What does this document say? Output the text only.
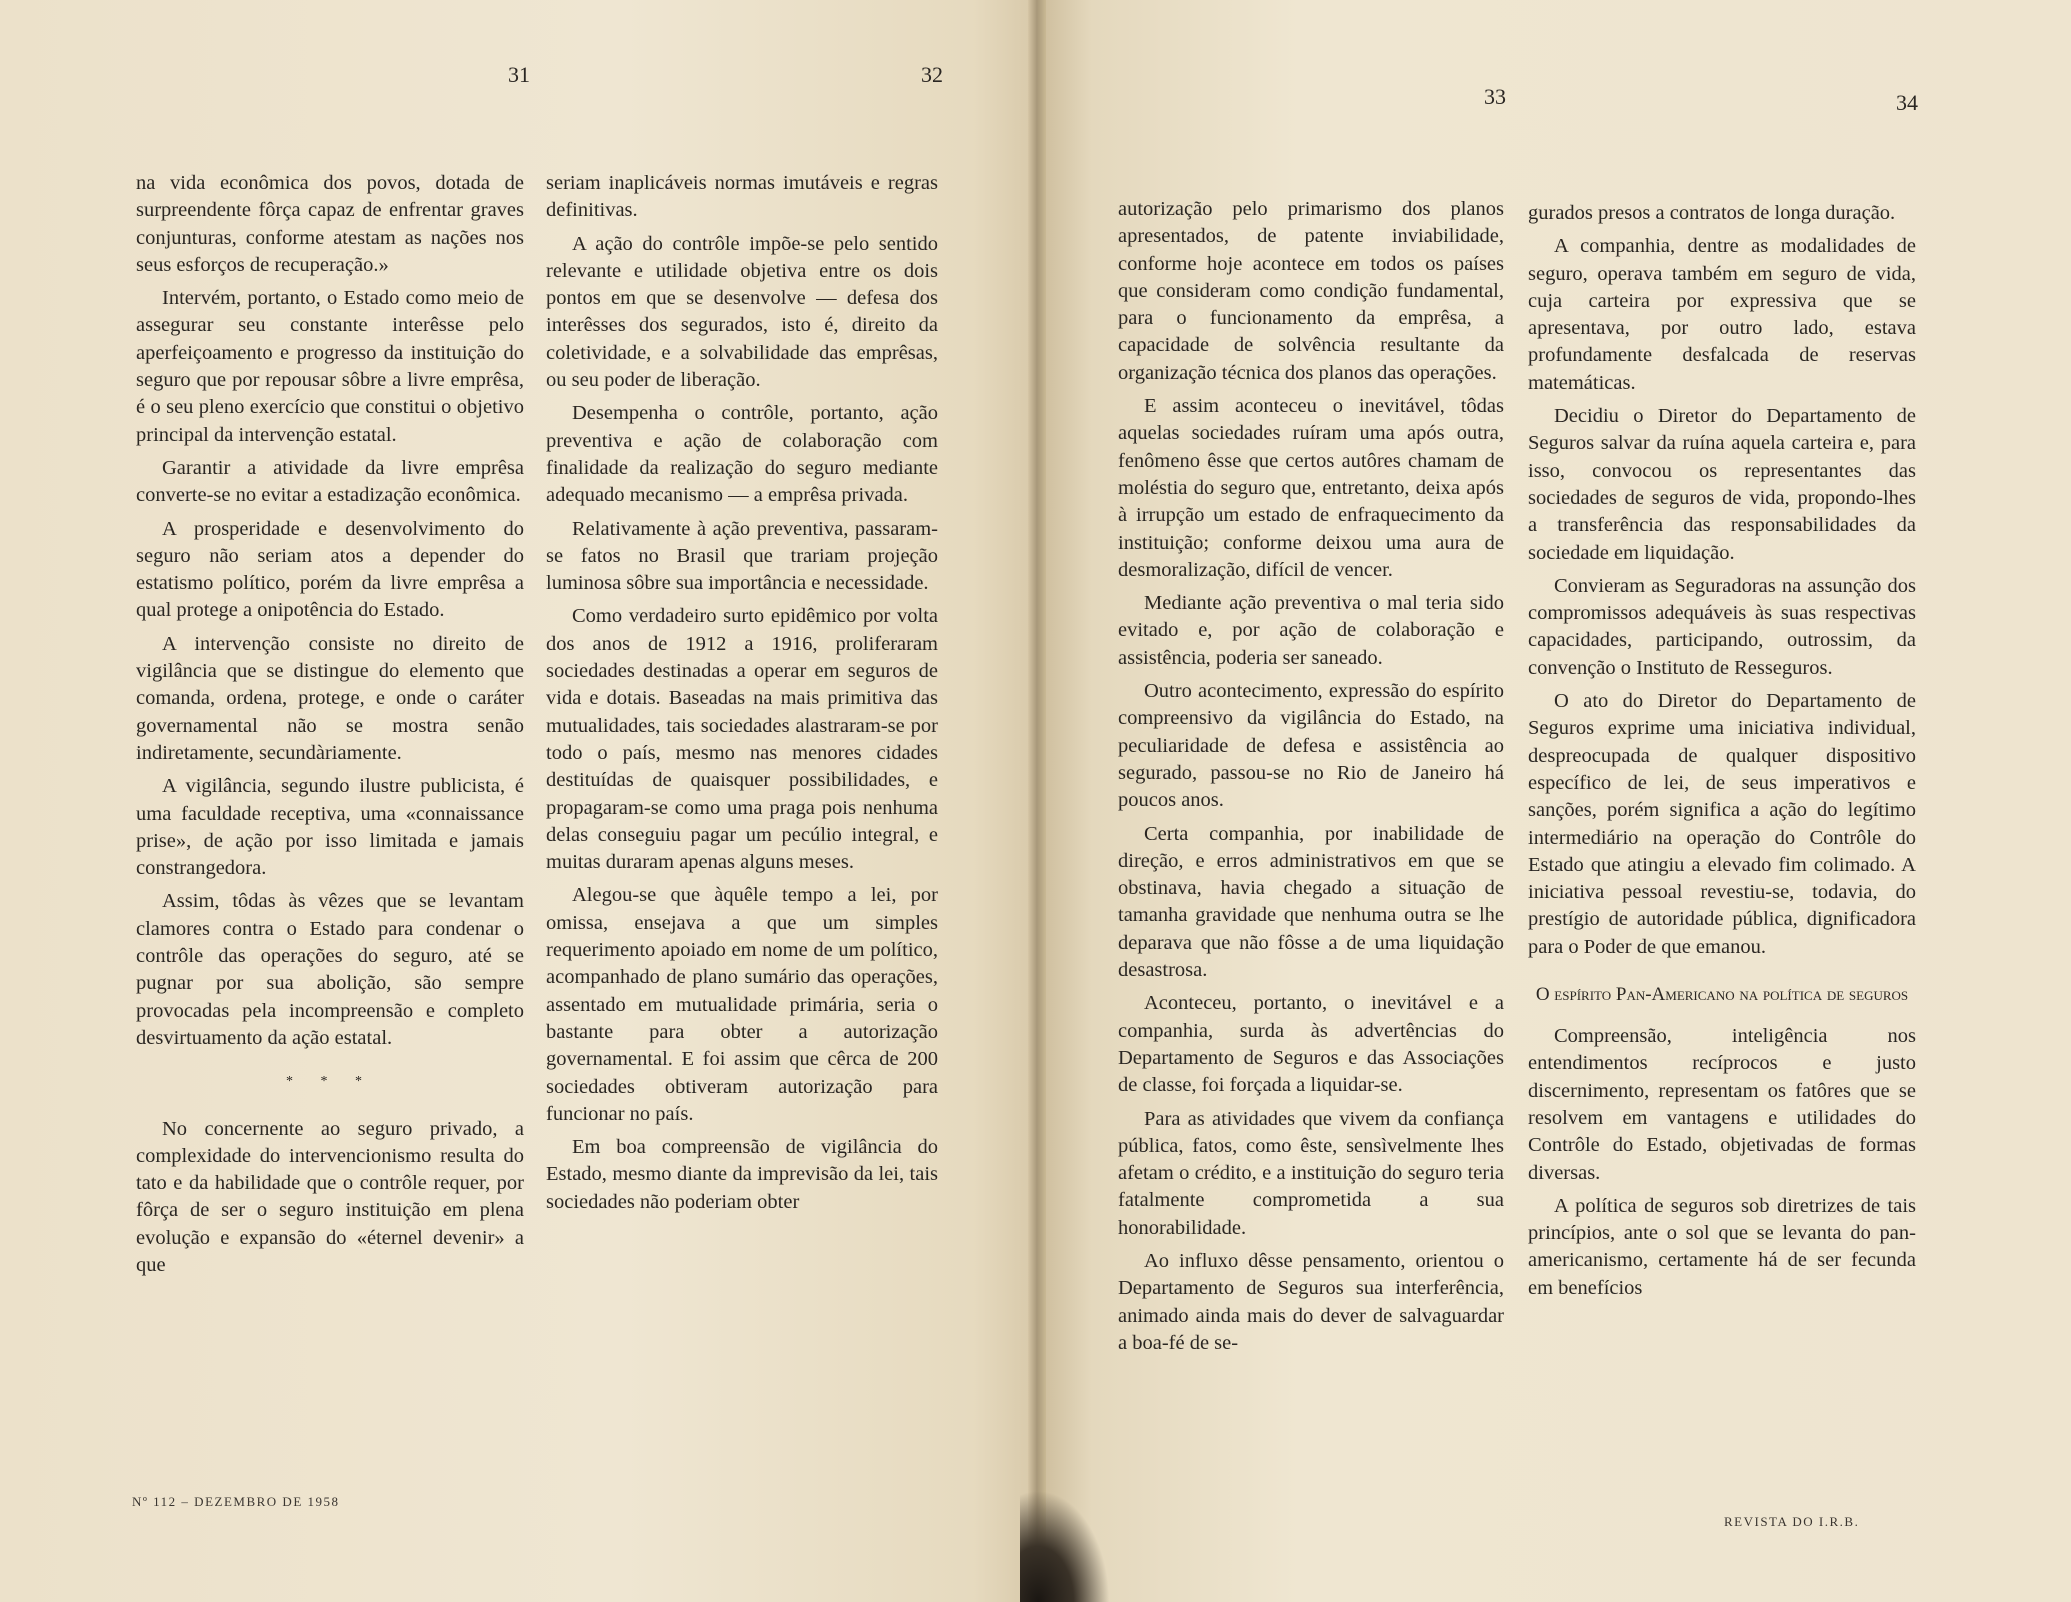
31	32

na vida econômica dos povos, dotada de surpreendente fôrça capaz de enfrentar graves conjunturas, conforme atestam as nações nos seus esforços de recuperação.»

Intervém, portanto, o Estado como meio de assegurar seu constante interêsse pelo aperfeiçoamento e progresso da instituição do seguro que por repousar sôbre a livre emprêsa, é o seu pleno exercício que constitui o objetivo principal da intervenção estatal.

Garantir a atividade da livre emprêsa converte-se no evitar a estadização econômica.

A prosperidade e desenvolvimento do seguro não seriam atos a depender do estatismo político, porém da livre emprêsa a qual protege a onipotência do Estado.

A intervenção consiste no direito de vigilância que se distingue do elemento que comanda, ordena, protege, e onde o caráter governamental não se mostra senão indiretamente, secundàriamente.

A vigilância, segundo ilustre publicista, é uma faculdade receptiva, uma «connaissance prise», de ação por isso limitada e jamais constrangedora.

Assim, tôdas às vêzes que se levantam clamores contra o Estado para condenar o contrôle das operações do seguro, até se pugnar por sua abolição, são sempre provocadas pela incompreensão e completo desvirtuamento da ação estatal.

* * *

No concernente ao seguro privado, a complexidade do intervencionismo resulta do tato e da habilidade que o contrôle requer, por fôrça de ser o seguro instituição em plena evolução e expansão do «éternel devenir» a que

seriam inaplicáveis normas imutáveis e regras definitivas.

A ação do contrôle impõe-se pelo sentido relevante e utilidade objetiva entre os dois pontos em que se desenvolve — defesa dos interêsses dos segurados, isto é, direito da coletividade, e a solvabilidade das emprêsas, ou seu poder de liberação.

Desempenha o contrôle, portanto, ação preventiva e ação de colaboração com finalidade da realização do seguro mediante adequado mecanismo — a emprêsa privada.

Relativamente à ação preventiva, passaram-se fatos no Brasil que trariam projeção luminosa sôbre sua importância e necessidade.

Como verdadeiro surto epidêmico por volta dos anos de 1912 a 1916, proliferaram sociedades destinadas a operar em seguros de vida e dotais. Baseadas na mais primitiva das mutualidades, tais sociedades alastraram-se por todo o país, mesmo nas menores cidades destituídas de quaisquer possibilidades, e propagaram-se como uma praga pois nenhuma delas conseguiu pagar um pecúlio integral, e muitas duraram apenas alguns meses.

Alegou-se que àquêle tempo a lei, por omissa, ensejava a que um simples requerimento apoiado em nome de um político, acompanhado de plano sumário das operações, assentado em mutualidade primária, seria o bastante para obter a autorização governamental. E foi assim que cêrca de 200 sociedades obtiveram autorização para funcionar no país.

Em boa compreensão de vigilância do Estado, mesmo diante da imprevisão da lei, tais sociedades não poderiam obter

Nº 112 – DEZEMBRO DE 1958
33	34

autorização pelo primarismo dos planos apresentados, de patente inviabilidade, conforme hoje acontece em todos os países que consideram como condição fundamental, para o funcionamento da emprêsa, a capacidade de solvência resultante da organização técnica dos planos das operações.

E assim aconteceu o inevitável, tôdas aquelas sociedades ruíram uma após outra, fenômeno êsse que certos autôres chamam de moléstia do seguro que, entretanto, deixa após à irrupção um estado de enfraquecimento da instituição; conforme deixou uma aura de desmoralização, difícil de vencer.

Mediante ação preventiva o mal teria sido evitado e, por ação de colaboração e assistência, poderia ser saneado.

Outro acontecimento, expressão do espírito compreensivo da vigilância do Estado, na peculiaridade de defesa e assistência ao segurado, passou-se no Rio de Janeiro há poucos anos.

Certa companhia, por inabilidade de direção, e erros administrativos em que se obstinava, havia chegado a situação de tamanha gravidade que nenhuma outra se lhe deparava que não fôsse a de uma liquidação desastrosa.

Aconteceu, portanto, o inevitável e a companhia, surda às advertências do Departamento de Seguros e das Associações de classe, foi forçada a liquidar-se.

Para as atividades que vivem da confiança pública, fatos, como êste, sensìvelmente lhes afetam o crédito, e a instituição do seguro teria fatalmente comprometida a sua honorabilidade.

Ao influxo dêsse pensamento, orientou o Departamento de Seguros sua interferência, animado ainda mais do dever de salvaguardar a boa-fé de se-

gurados presos a contratos de longa duração.

A companhia, dentre as modalidades de seguro, operava também em seguro de vida, cuja carteira por expressiva que se apresentava, por outro lado, estava profundamente desfalcada de reservas matemáticas.

Decidiu o Diretor do Departamento de Seguros salvar da ruína aquela carteira e, para isso, convocou os representantes das sociedades de seguros de vida, propondo-lhes a transferência das responsabilidades da sociedade em liquidação.

Convieram as Seguradoras na assunção dos compromissos adequáveis às suas respectivas capacidades, participando, outrossim, da convenção o Instituto de Resseguros.

O ato do Diretor do Departamento de Seguros exprime uma iniciativa individual, despreocupada de qualquer dispositivo específico de lei, de seus imperativos e sanções, porém significa a ação do legítimo intermediário na operação do Contrôle do Estado que atingiu a elevado fim colimado. A iniciativa pessoal revestiu-se, todavia, do prestígio de autoridade pública, dignificadora para o Poder de que emanou.

O espírito Pan-Americano na política de seguros

Compreensão, inteligência nos entendimentos recíprocos e justo discernimento, representam os fatôres que se resolvem em vantagens e utilidades do Contrôle do Estado, objetivadas de formas diversas.

A política de seguros sob diretrizes de tais princípios, ante o sol que se levanta do pan-americanismo, certamente há de ser fecunda em benefícios

REVISTA DO I.R.B.
